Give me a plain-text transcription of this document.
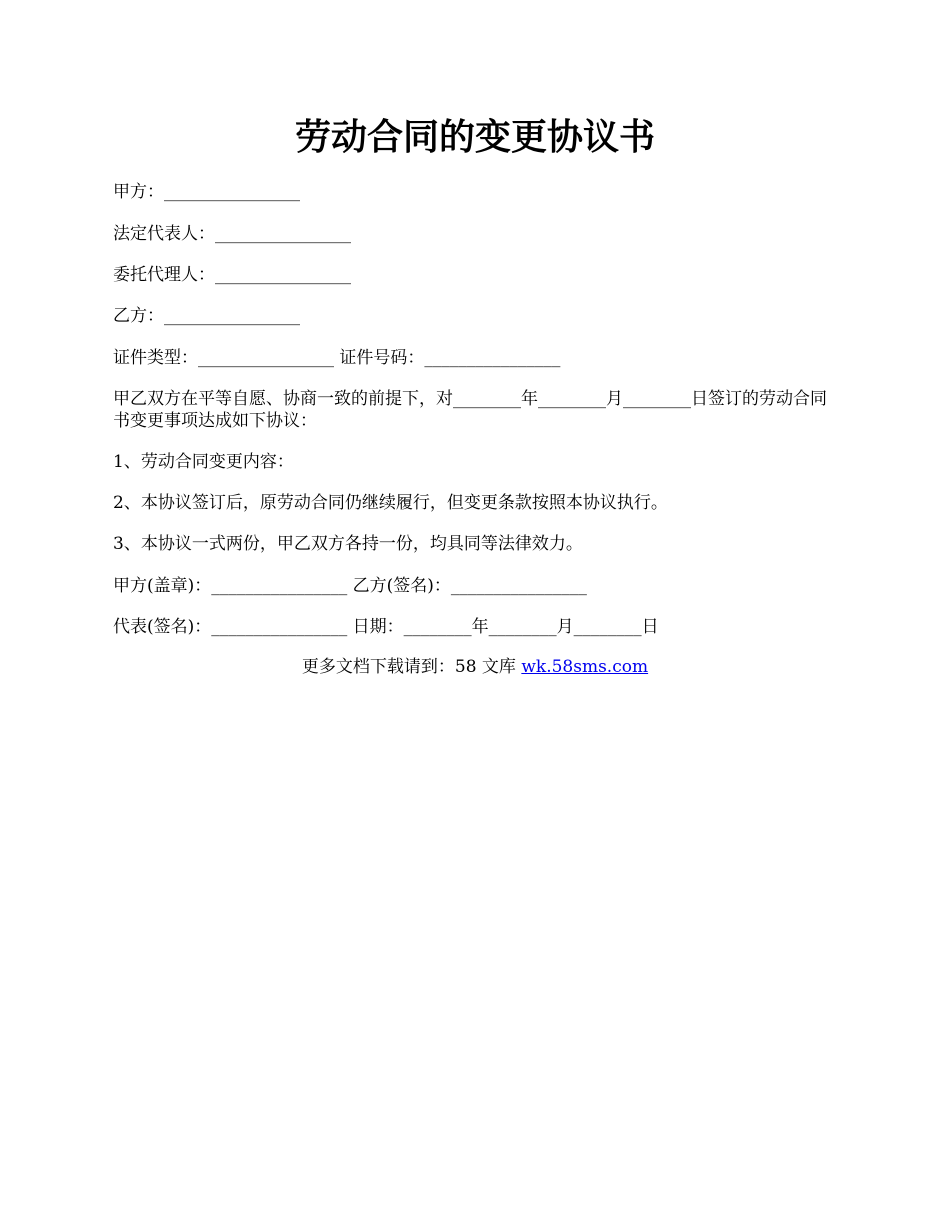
劳动合同的变更协议书
甲方：________________
法定代表人：________________
委托代理人：________________
乙方：________________
证件类型：________________ 证件号码：________________
甲乙双方在平等自愿、协商一致的前提下，对________年________月________日签订的劳动合同书变更事项达成如下协议：
1、劳动合同变更内容：
2、本协议签订后，原劳动合同仍继续履行，但变更条款按照本协议执行。
3、本协议一式两份，甲乙双方各持一份，均具同等法律效力。
甲方(盖章)：________________ 乙方(签名)：________________
代表(签名)：________________ 日期：________年________月________日
更多文档下载请到：58 文库 wk.58sms.com
